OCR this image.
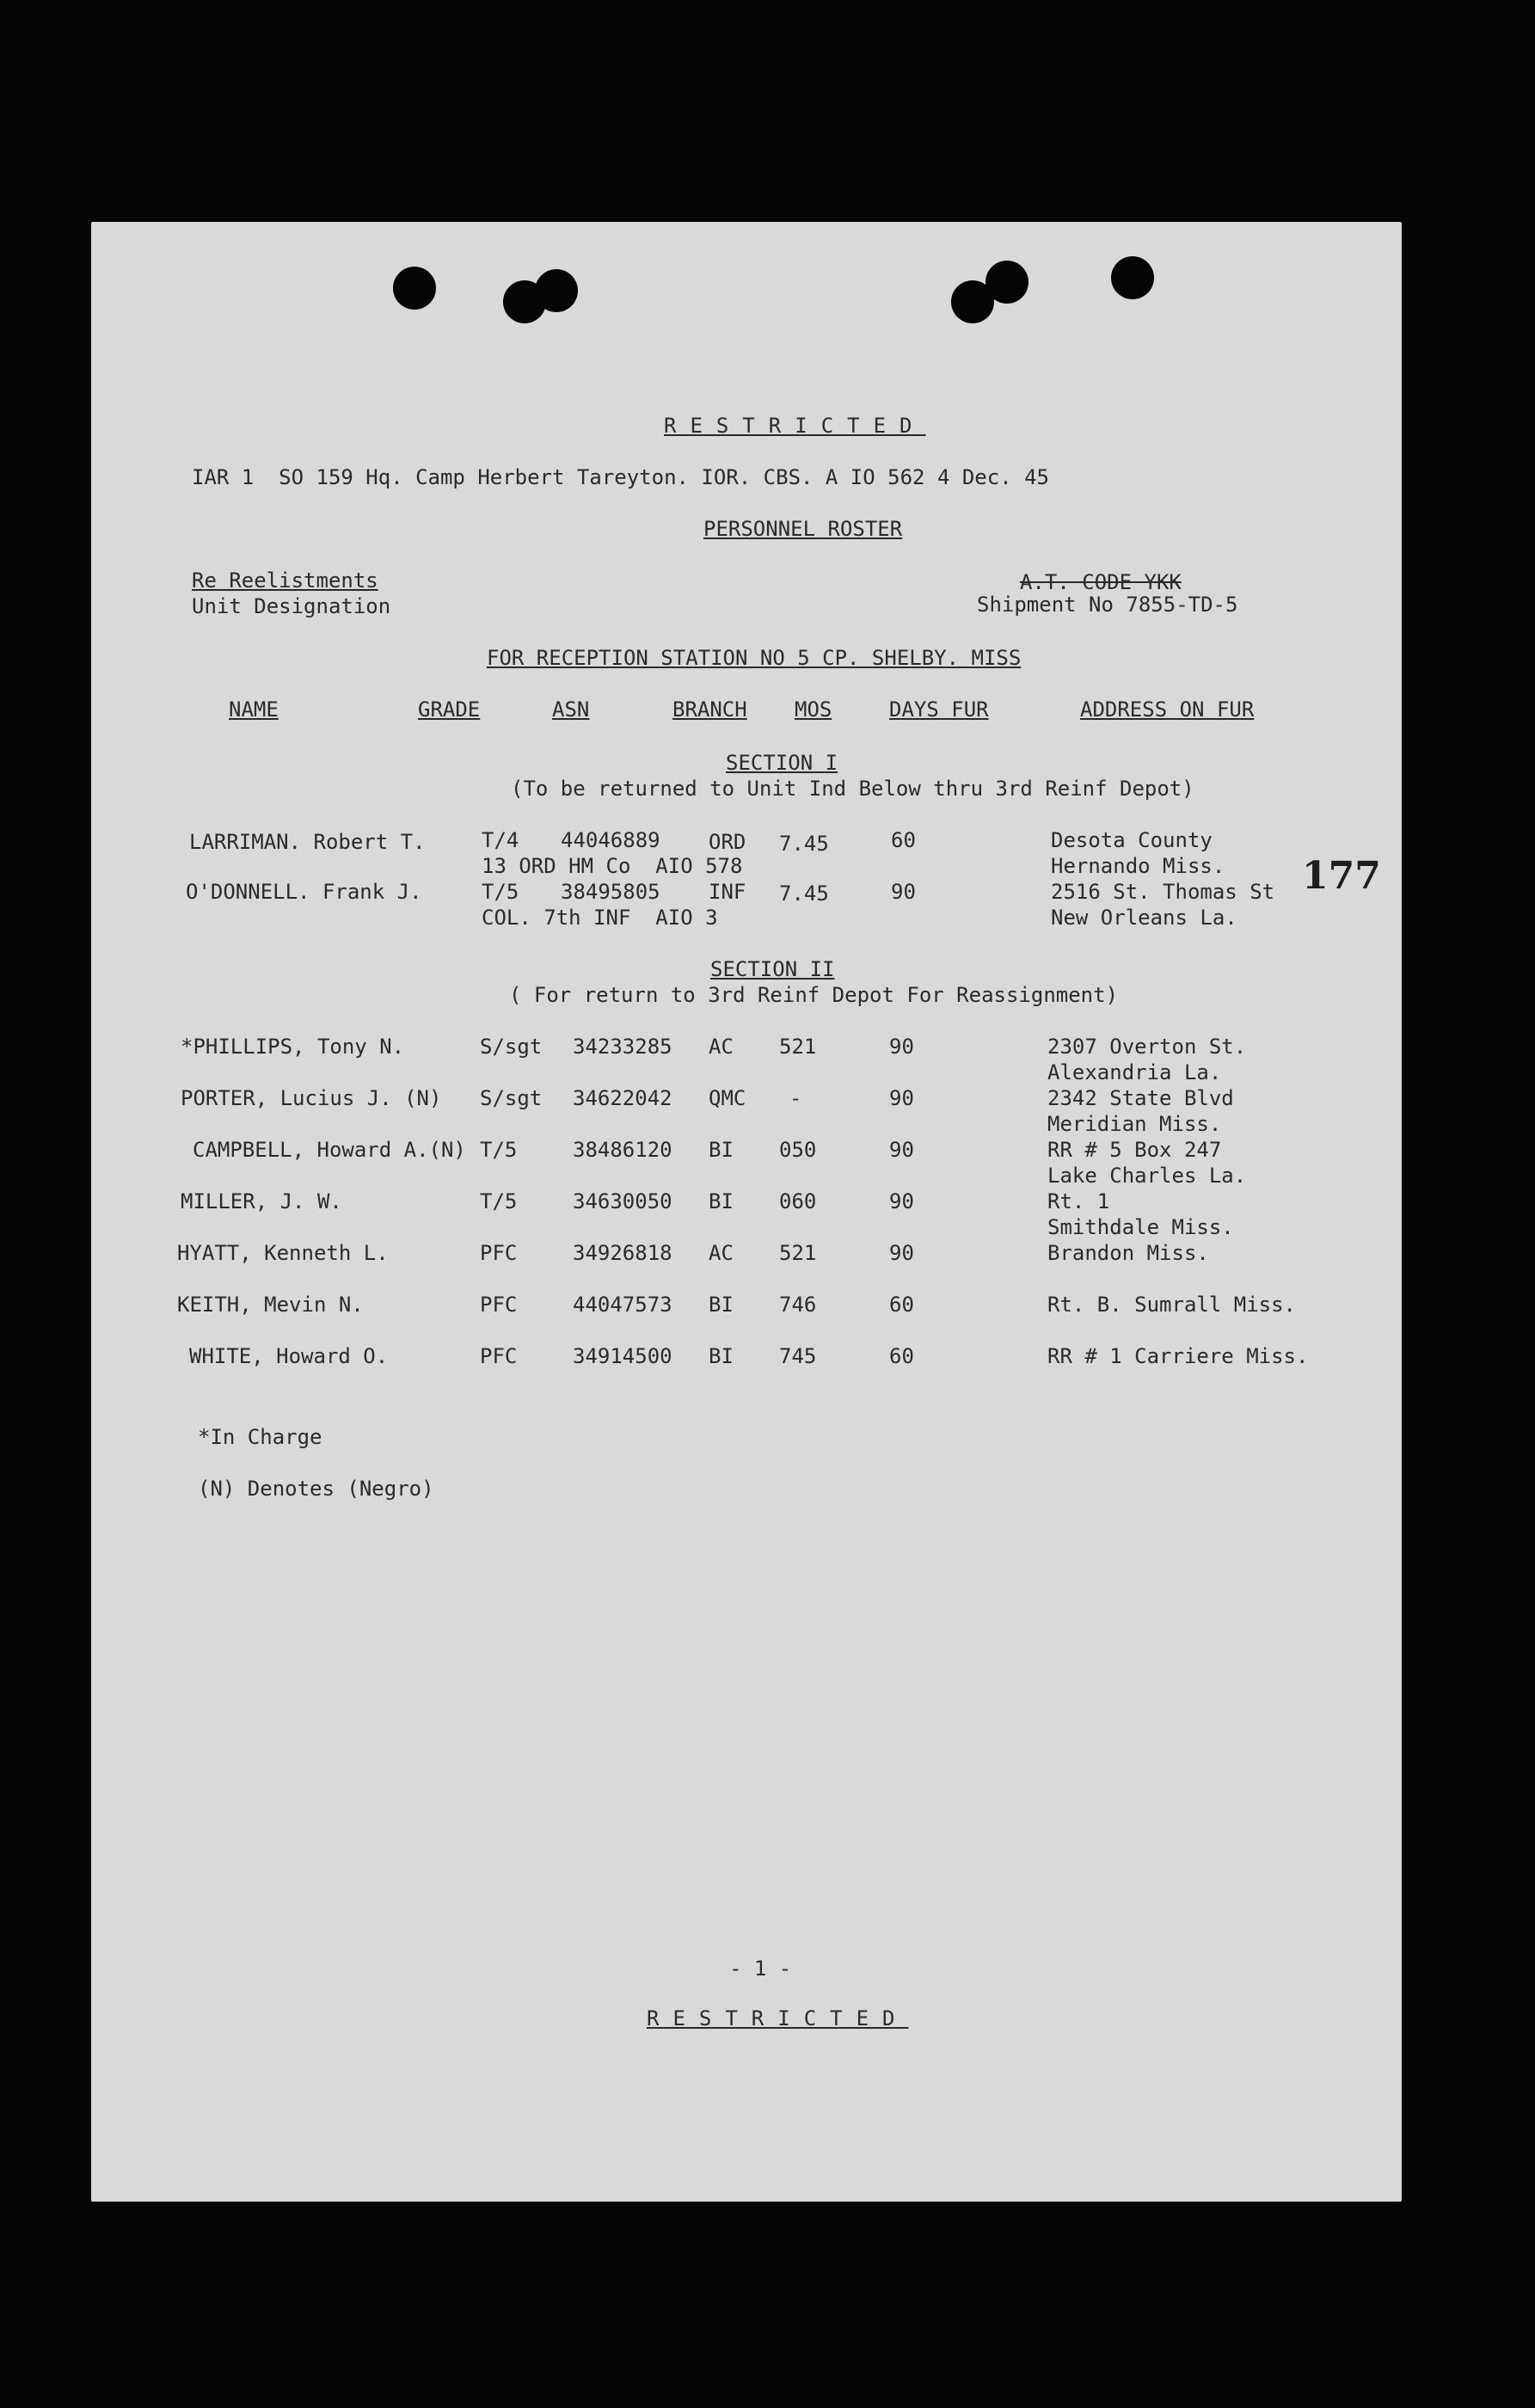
RESTRICTED
IAR 1  SO 159 Hq. Camp Herbert Tareyton. IOR. CBS. A IO 562 4 Dec. 45
PERSONNEL ROSTER
Re Reelistments
Unit Designation
A.T. CODE YKK
Shipment No 7855-TD-5
FOR RECEPTION STATION NO 5 CP. SHELBY. MISS
NAME	GRADE	ASN	BRANCH MOS	DAYS FUR	ADDRESS ON FUR
SECTION I
(To be returned to Unit Ind Below thru 3rd Reinf Depot)
LARRIMAN. Robert T.	T/4 44046889 ORD 7.45	60	Desota County
13 ORD HM Co  AIO 578	Hernando Miss.
O'DONNELL. Frank J.	T/5 38495805 INF 7.45	90	2516 St. Thomas St 177
COL. 7th INF  AIO 3	New Orleans La.
SECTION II
( For return to 3rd Reinf Depot For Reassignment)
*PHILLIPS, Tony N.	S/sgt 34233285 AC 521	90	2307 Overton St.
Alexandria La.
PORTER, Lucius J. (N) S/sgt 34622042 QMC -	90	2342 State Blvd
Meridian Miss.
CAMPBELL, Howard A.(N) T/5	38486120 BI 050	90	RR # 5 Box 247
Lake Charles La.
MILLER, J. W.	T/5	34630050 BI 060	90	Rt. 1
Smithdale Miss.
HYATT, Kenneth L.	PFC	34926818 AC 521	90	Brandon Miss.
KEITH, Mevin N.	PFC	44047573 BI 746	60	Rt. B. Sumrall Miss.
WHITE, Howard O.	PFC	34914500 BI 745	60	RR # 1 Carriere Miss.
*In Charge
(N) Denotes (Negro)
- 1 -
RESTRICTED
